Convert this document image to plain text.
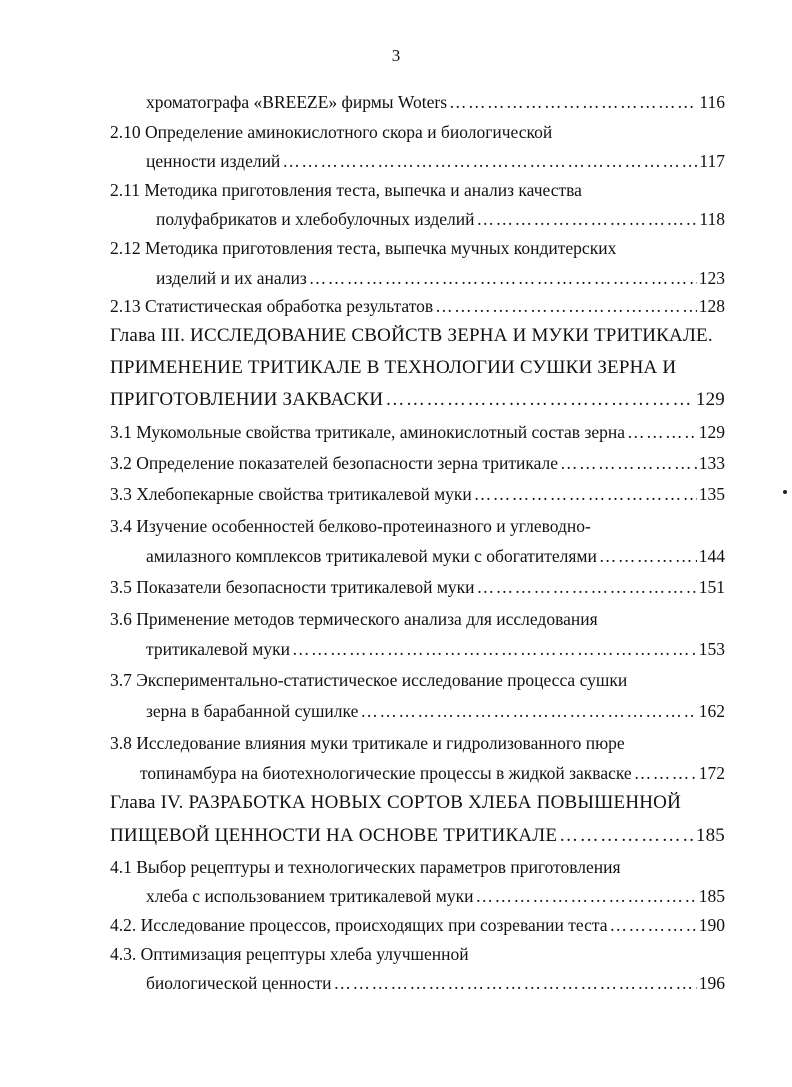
3
хроматографа «BREEZE» фирмы Woters ……………………………………………………………………………………………………………………………………………………………………………………	116
2.10 Определение аминокислотного скора и биологической
ценности изделий ……………………………………………………………………………………………………………………………………………………………………………………	117
2.11 Методика приготовления теста, выпечка и анализ качества
полуфабрикатов и хлебобулочных изделий ……………………………………………………………………………………………………………………………………………………………………………………	118
2.12 Методика приготовления теста, выпечка мучных кондитерских
изделий и их анализ ……………………………………………………………………………………………………………………………………………………………………………………	123
2.13 Статистическая обработка результатов ……………………………………………………………………………………………………………………………………………………………………………………	128
Глава III. ИССЛЕДОВАНИЕ СВОЙСТВ ЗЕРНА И МУКИ ТРИТИКАЛЕ.
ПРИМЕНЕНИЕ ТРИТИКАЛЕ В ТЕХНОЛОГИИ СУШКИ ЗЕРНА И
ПРИГОТОВЛЕНИИ ЗАКВАСКИ ……………………………………………………………………………………………………………………………………………………………………………………	129
3.1 Мукомольные свойства тритикале, аминокислотный состав зерна ……………………………………………………………………………………………………………………………………………………………………………………	129
3.2 Определение показателей безопасности зерна тритикале ……………………………………………………………………………………………………………………………………………………………………………………	133
3.3 Хлебопекарные свойства тритикалевой муки ……………………………………………………………………………………………………………………………………………………………………………………	135
3.4 Изучение особенностей белково-протеиназного и углеводно-
амилазного комплексов тритикалевой муки с обогатителями ……………………………………………………………………………………………………………………………………………………………………………………	144
3.5 Показатели безопасности тритикалевой муки ……………………………………………………………………………………………………………………………………………………………………………………	151
3.6 Применение методов термического анализа для исследования
тритикалевой муки ……………………………………………………………………………………………………………………………………………………………………………………	153
3.7 Экспериментально-статистическое исследование процесса сушки
зерна в барабанной сушилке ……………………………………………………………………………………………………………………………………………………………………………………	162
3.8 Исследование влияния муки тритикале и гидролизованного пюре
топинамбура на биотехнологические процессы в жидкой закваске ……………………………………………………………………………………………………………………………………………………………………………………	172
Глава IV. РАЗРАБОТКА НОВЫХ СОРТОВ ХЛЕБА ПОВЫШЕННОЙ
ПИЩЕВОЙ ЦЕННОСТИ НА ОСНОВЕ ТРИТИКАЛЕ ……………………………………………………………………………………………………………………………………………………………………………………	185
4.1 Выбор рецептуры и технологических параметров приготовления
хлеба с использованием тритикалевой муки ……………………………………………………………………………………………………………………………………………………………………………………	185
4.2. Исследование процессов, происходящих при созревании теста ……………………………………………………………………………………………………………………………………………………………………………………	190
4.3. Оптимизация рецептуры хлеба улучшенной
биологической ценности ……………………………………………………………………………………………………………………………………………………………………………………	196
